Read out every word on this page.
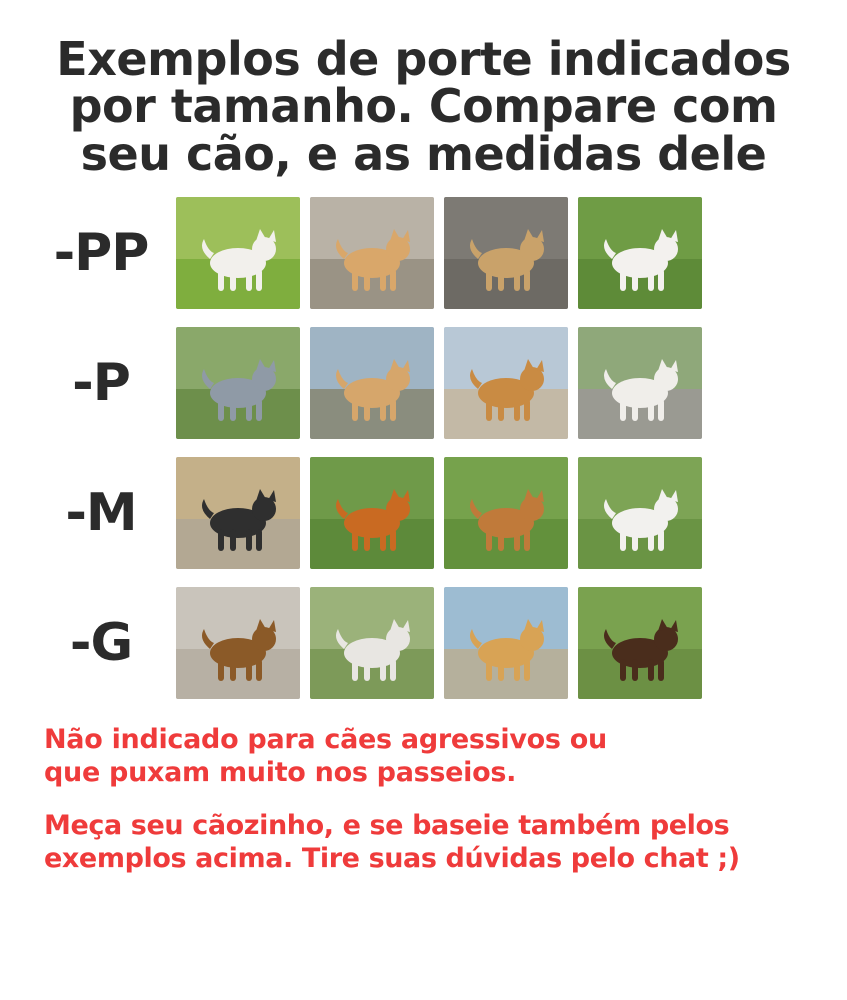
Exemplos de porte indicados
por tamanho. Compare com
seu cão, e as medidas dele
-PP
-P
-M
-G
Não indicado para cães agressivos ou
que puxam muito nos passeios.
Meça seu cãozinho, e se baseie também pelos
exemplos acima. Tire suas dúvidas pelo chat ;)
